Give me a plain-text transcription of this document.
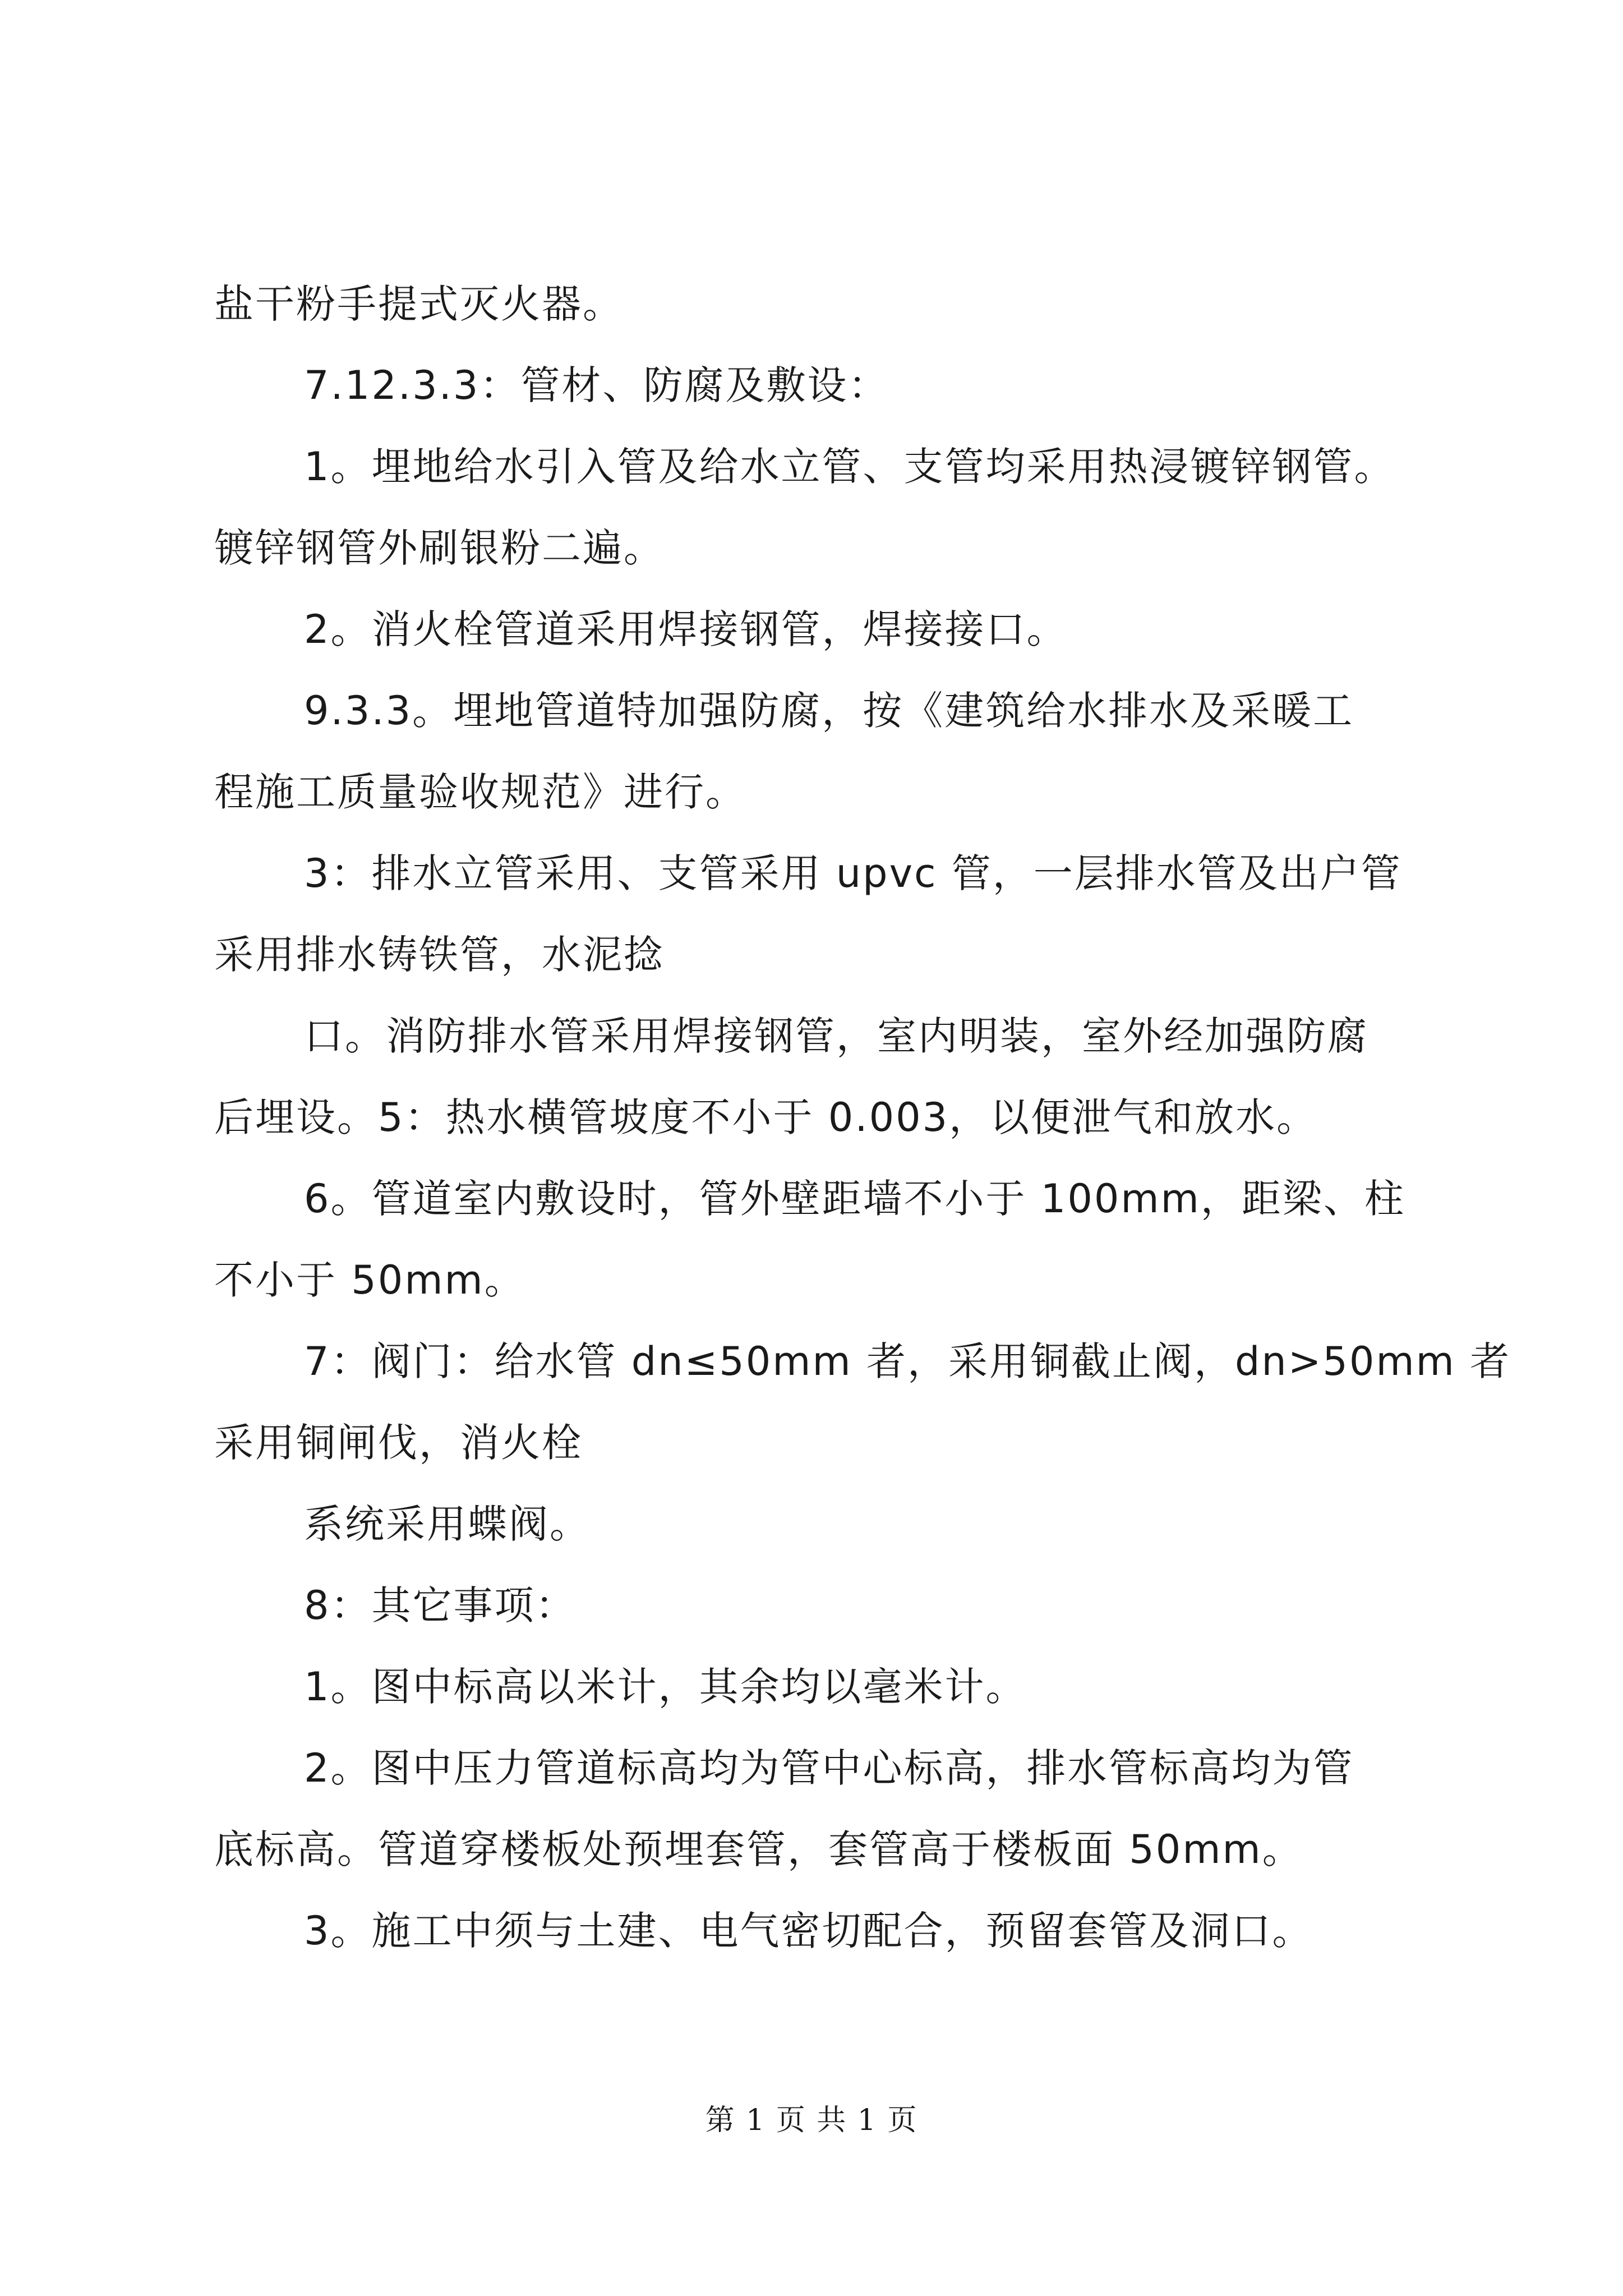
盐干粉手提式灭火器。
7.12.3.3：管材、防腐及敷设：
1。埋地给水引入管及给水立管、支管均采用热浸镀锌钢管。
镀锌钢管外刷银粉二遍。
2。消火栓管道采用焊接钢管，焊接接口。
9.3.3。埋地管道特加强防腐，按《建筑给水排水及采暖工
程施工质量验收规范》进行。
3：排水立管采用、支管采用 upvc 管，一层排水管及出户管
采用排水铸铁管，水泥捻
口。消防排水管采用焊接钢管，室内明装，室外经加强防腐
后埋设。5：热水横管坡度不小于 0.003，以便泄气和放水。
6。管道室内敷设时，管外壁距墙不小于 100mm，距梁、柱
不小于 50mm。
7：阀门：给水管 dn≤50mm 者，采用铜截止阀，dn>50mm 者
采用铜闸伐，消火栓
系统采用蝶阀。
8：其它事项：
1。图中标高以米计，其余均以毫米计。
2。图中压力管道标高均为管中心标高，排水管标高均为管
底标高。管道穿楼板处预埋套管，套管高于楼板面 50mm。
3。施工中须与土建、电气密切配合，预留套管及洞口。
第 1 页 共 1 页
